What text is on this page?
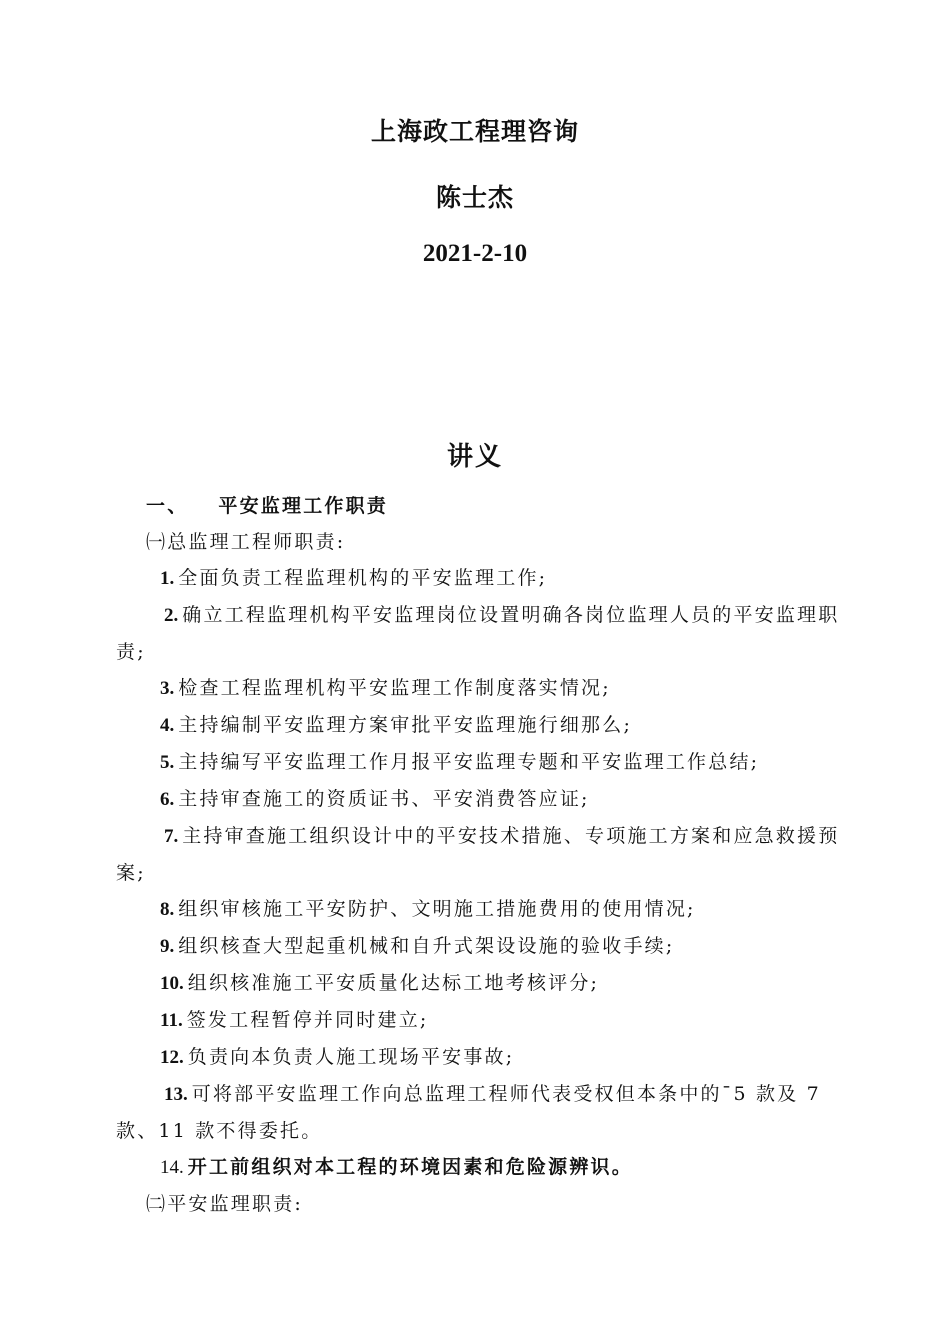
上海政工程理咨询
陈士杰
2021-2-10
讲义
一、 平安监理工作职责
㈠总监理工程师职责:
1. 全面负责工程监理机构的平安监理工作;
2. 确立工程监理机构平安监理岗位设置明确各岗位监理人员的平安监理职责;
3. 检查工程监理机构平安监理工作制度落实情况;
4. 主持编制平安监理方案审批平安监理施行细那么;
5. 主持编写平安监理工作月报平安监理专题和平安监理工作总结;
6. 主持审查施工的资质证书、平安消费答应证;
7. 主持审查施工组织设计中的平安技术措施、专项施工方案和应急救援预案;
8. 组织审核施工平安防护、文明施工措施费用的使用情况;
9. 组织核查大型起重机械和自升式架设设施的验收手续;
10. 组织核准施工平安质量化达标工地考核评分;
11. 签发工程暂停并同时建立;
12. 负责向本负责人施工现场平安事故;
13. 可将部平安监理工作向总监理工程师代表受权但本条中的¯5 款及 7 款、11 款不得委托。
14. 开工前组织对本工程的环境因素和危险源辨识。
㈡平安监理职责:
